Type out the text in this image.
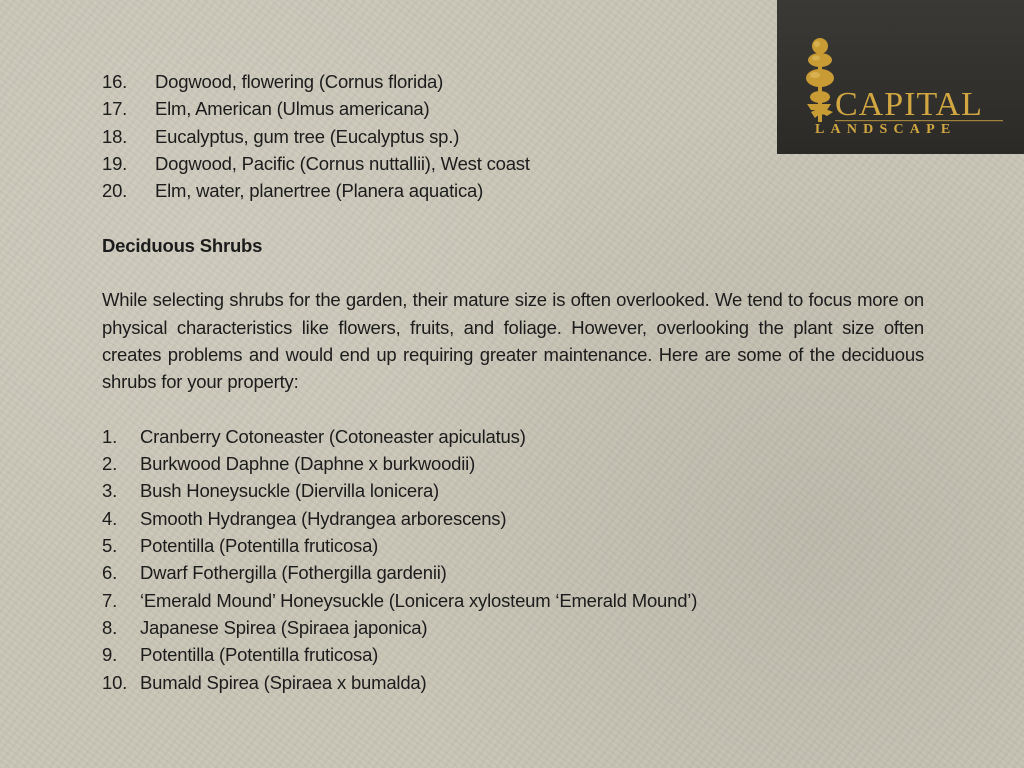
16.	Dogwood, flowering (Cornus florida)
17.	Elm, American (Ulmus americana)
18.	Eucalyptus, gum tree (Eucalyptus sp.)
19.	Dogwood, Pacific (Cornus nuttallii), West coast
20.	Elm, water, planertree (Planera aquatica)
Deciduous Shrubs

While selecting shrubs for the garden, their mature size is often overlooked. We tend to focus more on physical characteristics like flowers, fruits, and foliage. However, overlooking the plant size often creates problems and would end up requiring greater maintenance. Here are some of the deciduous shrubs for your property:

1.	Cranberry Cotoneaster (Cotoneaster apiculatus)
2.	Burkwood Daphne (Daphne x burkwoodii)
3.	Bush Honeysuckle (Diervilla lonicera)
4.	Smooth Hydrangea (Hydrangea arborescens)
5.	Potentilla (Potentilla fruticosa)
6.	Dwarf Fothergilla (Fothergilla gardenii)
7.	‘Emerald Mound’ Honeysuckle (Lonicera xylosteum ‘Emerald Mound’)
8.	Japanese Spirea (Spiraea japonica)
9.	Potentilla (Potentilla fruticosa)
10. Bumald Spirea (Spiraea x bumalda)
CAPITAL
LANDSCAPE
